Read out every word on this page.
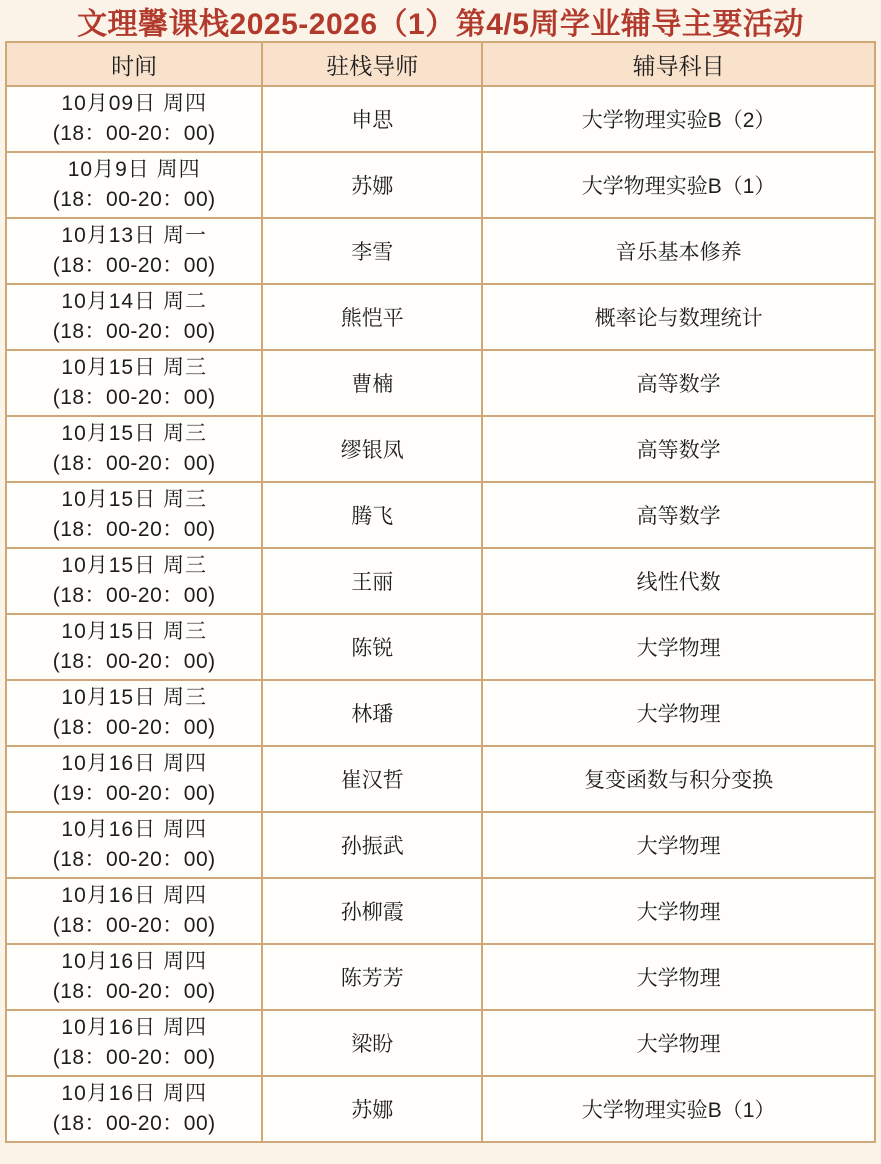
文理馨课栈2025-2026（1）第4/5周学业辅导主要活动
时间	驻栈导师	辅导科目

10月09日 周四
(18：00-20：00)	申思	大学物理实验B（2）

10月9日 周四
(18：00-20：00)	苏娜	大学物理实验B（1）

10月13日 周一
(18：00-20：00)	李雪	音乐基本修养

10月14日 周二
(18：00-20：00)	熊恺平	概率论与数理统计

10月15日 周三
(18：00-20：00)	曹楠	高等数学

10月15日 周三
(18：00-20：00)	缪银凤	高等数学

10月15日 周三
(18：00-20：00)	腾飞	高等数学

10月15日 周三
(18：00-20：00)	王丽	线性代数

10月15日 周三
(18：00-20：00)	陈锐	大学物理

10月15日 周三
(18：00-20：00)	林璠	大学物理

10月16日 周四
(19：00-20：00)	崔汉哲	复变函数与积分变换

10月16日 周四
(18：00-20：00)	孙振武	大学物理

10月16日 周四
(18：00-20：00)	孙柳霞	大学物理

10月16日 周四
(18：00-20：00)	陈芳芳	大学物理

10月16日 周四
(18：00-20：00)	梁盼	大学物理

10月16日 周四
(18：00-20：00)	苏娜	大学物理实验B（1）
